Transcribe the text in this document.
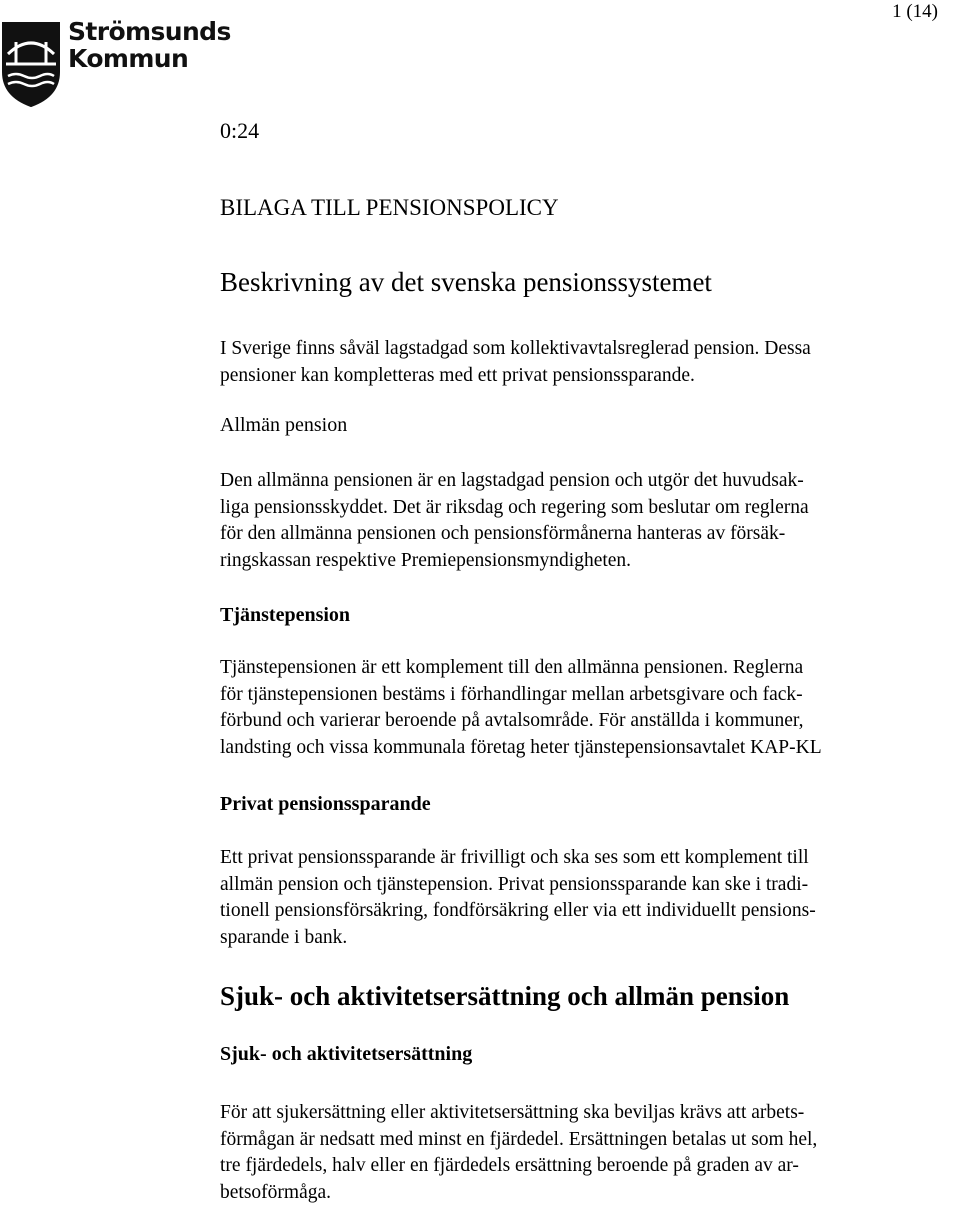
Strömsunds
Kommun
1 (14)

0:24

BILAGA TILL PENSIONSPOLICY
Beskrivning av det svenska pensionssystemet
I Sverige finns såväl lagstadgad som kollektivavtalsreglerad pension. Dessa
pensioner kan kompletteras med ett privat pensionssparande.
Allmän pension
Den allmänna pensionen är en lagstadgad pension och utgör det huvudsak-
liga pensionsskyddet. Det är riksdag och regering som beslutar om reglerna
för den allmänna pensionen och pensionsförmånerna hanteras av försäk-
ringskassan respektive Premiepensionsmyndigheten.
Tjänstepension
Tjänstepensionen är ett komplement till den allmänna pensionen. Reglerna
för tjänstepensionen bestäms i förhandlingar mellan arbetsgivare och fack-
förbund och varierar beroende på avtalsområde. För anställda i kommuner,
landsting och vissa kommunala företag heter tjänstepensionsavtalet KAP-KL
Privat pensionssparande
Ett privat pensionssparande är frivilligt och ska ses som ett komplement till
allmän pension och tjänstepension. Privat pensionssparande kan ske i tradi-
tionell pensionsförsäkring, fondförsäkring eller via ett individuellt pensions-
sparande i bank.
Sjuk- och aktivitetsersättning och allmän pension
Sjuk- och aktivitetsersättning
För att sjukersättning eller aktivitetsersättning ska beviljas krävs att arbets-
förmågan är nedsatt med minst en fjärdedel. Ersättningen betalas ut som hel,
tre fjärdedels, halv eller en fjärdedels ersättning beroende på graden av ar-
betsoförmåga.
